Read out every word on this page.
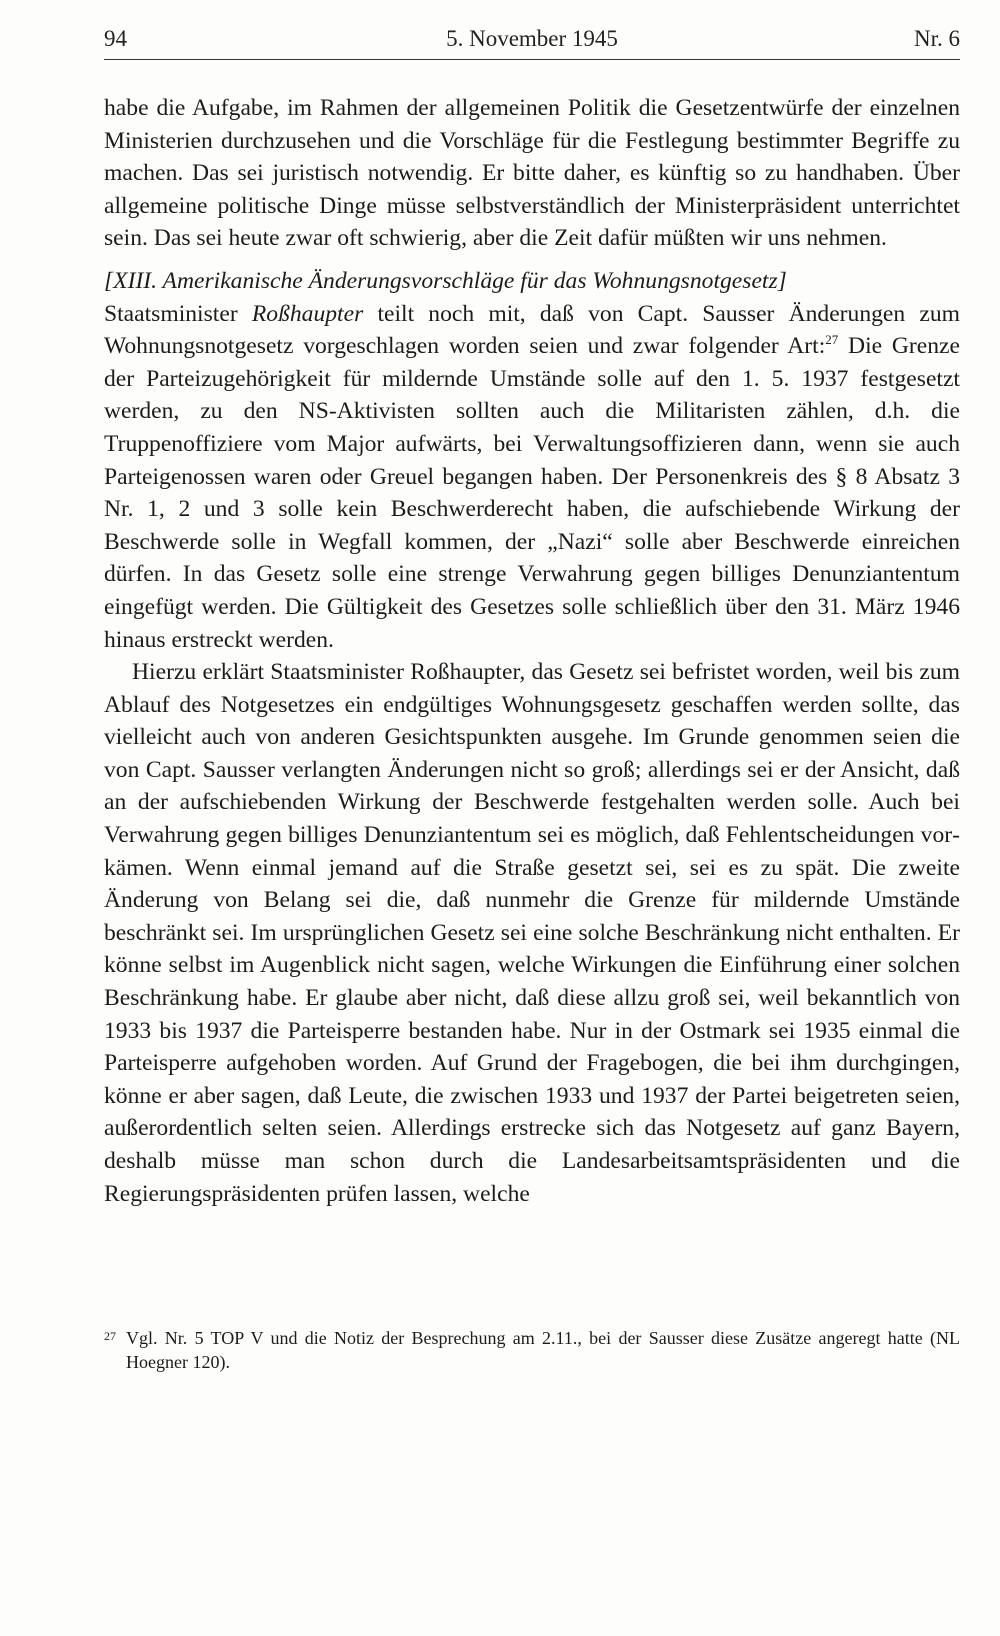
94	5. November 1945	Nr. 6

habe die Aufgabe, im Rahmen der allgemeinen Politik die Gesetzentwürfe der einzelnen Ministerien durchzusehen und die Vorschläge für die Festlegung bestimmter Begriffe zu machen. Das sei juristisch notwendig. Er bitte daher, es künftig so zu handhaben. Über allgemeine politische Dinge müsse selbstverständlich der Ministerpräsident unterrichtet sein. Das sei heute zwar oft schwierig, aber die Zeit dafür müßten wir uns nehmen.

[XIII. Amerikanische Änderungsvorschläge für das Wohnungsnotgesetz]

Staatsminister Roßhaupter teilt noch mit, daß von Capt. Sausser Änderungen zum Wohnungsnotgesetz vorgeschlagen worden seien und zwar folgender Art:$^{27}$ Die Grenze der Parteizugehörigkeit für mildernde Umstände solle auf den 1. 5. 1937 festgesetzt werden, zu den NS-Aktivisten sollten auch die Militaristen zählen, d.h. die Truppenoffiziere vom Major aufwärts, bei Verwaltungsoffizieren dann, wenn sie auch Parteigenossen waren oder Greuel begangen haben. Der Personenkreis des § 8 Absatz 3 Nr. 1, 2 und 3 solle kein Beschwerderecht haben, die aufschiebende Wirkung der Beschwerde solle in Wegfall kommen, der „Nazi“ solle aber Beschwerde einreichen dürfen. In das Gesetz solle eine strenge Verwahrung gegen billiges Denunziantentum eingefügt werden. Die Gültigkeit des Gesetzes solle schließlich über den 31. März 1946 hinaus erstreckt werden.

Hierzu erklärt Staatsminister Roßhaupter, das Gesetz sei befristet worden, weil bis zum Ablauf des Notgesetzes ein endgültiges Wohnungsgesetz geschaffen werden sollte, das vielleicht auch von anderen Gesichtspunkten ausgehe. Im Grunde genommen seien die von Capt. Sausser verlangten Änderungen nicht so groß; allerdings sei er der Ansicht, daß an der aufschiebenden Wirkung der Beschwerde festgehalten werden solle. Auch bei Verwahrung gegen billiges Denunziantentum sei es möglich, daß Fehlentscheidungen vorkämen. Wenn einmal jemand auf die Straße gesetzt sei, sei es zu spät. Die zweite Änderung von Belang sei die, daß nunmehr die Grenze für mildernde Umstände beschränkt sei. Im ursprünglichen Gesetz sei eine solche Beschränkung nicht enthalten. Er könne selbst im Augenblick nicht sagen, welche Wirkungen die Einführung einer solchen Beschränkung habe. Er glaube aber nicht, daß diese allzu groß sei, weil bekanntlich von 1933 bis 1937 die Parteisperre bestanden habe. Nur in der Ostmark sei 1935 einmal die Parteisperre aufgehoben worden. Auf Grund der Fragebogen, die bei ihm durchgingen, könne er aber sagen, daß Leute, die zwischen 1933 und 1937 der Partei beigetreten seien, außerordentlich selten seien. Allerdings erstrecke sich das Notgesetz auf ganz Bayern, deshalb müsse man schon durch die Landesarbeitsamtspräsidenten und die Regierungspräsidenten prüfen lassen, welche

27 Vgl. Nr. 5 TOP V und die Notiz der Besprechung am 2.11., bei der Sausser diese Zusätze angeregt hatte (NL Hoegner 120).
